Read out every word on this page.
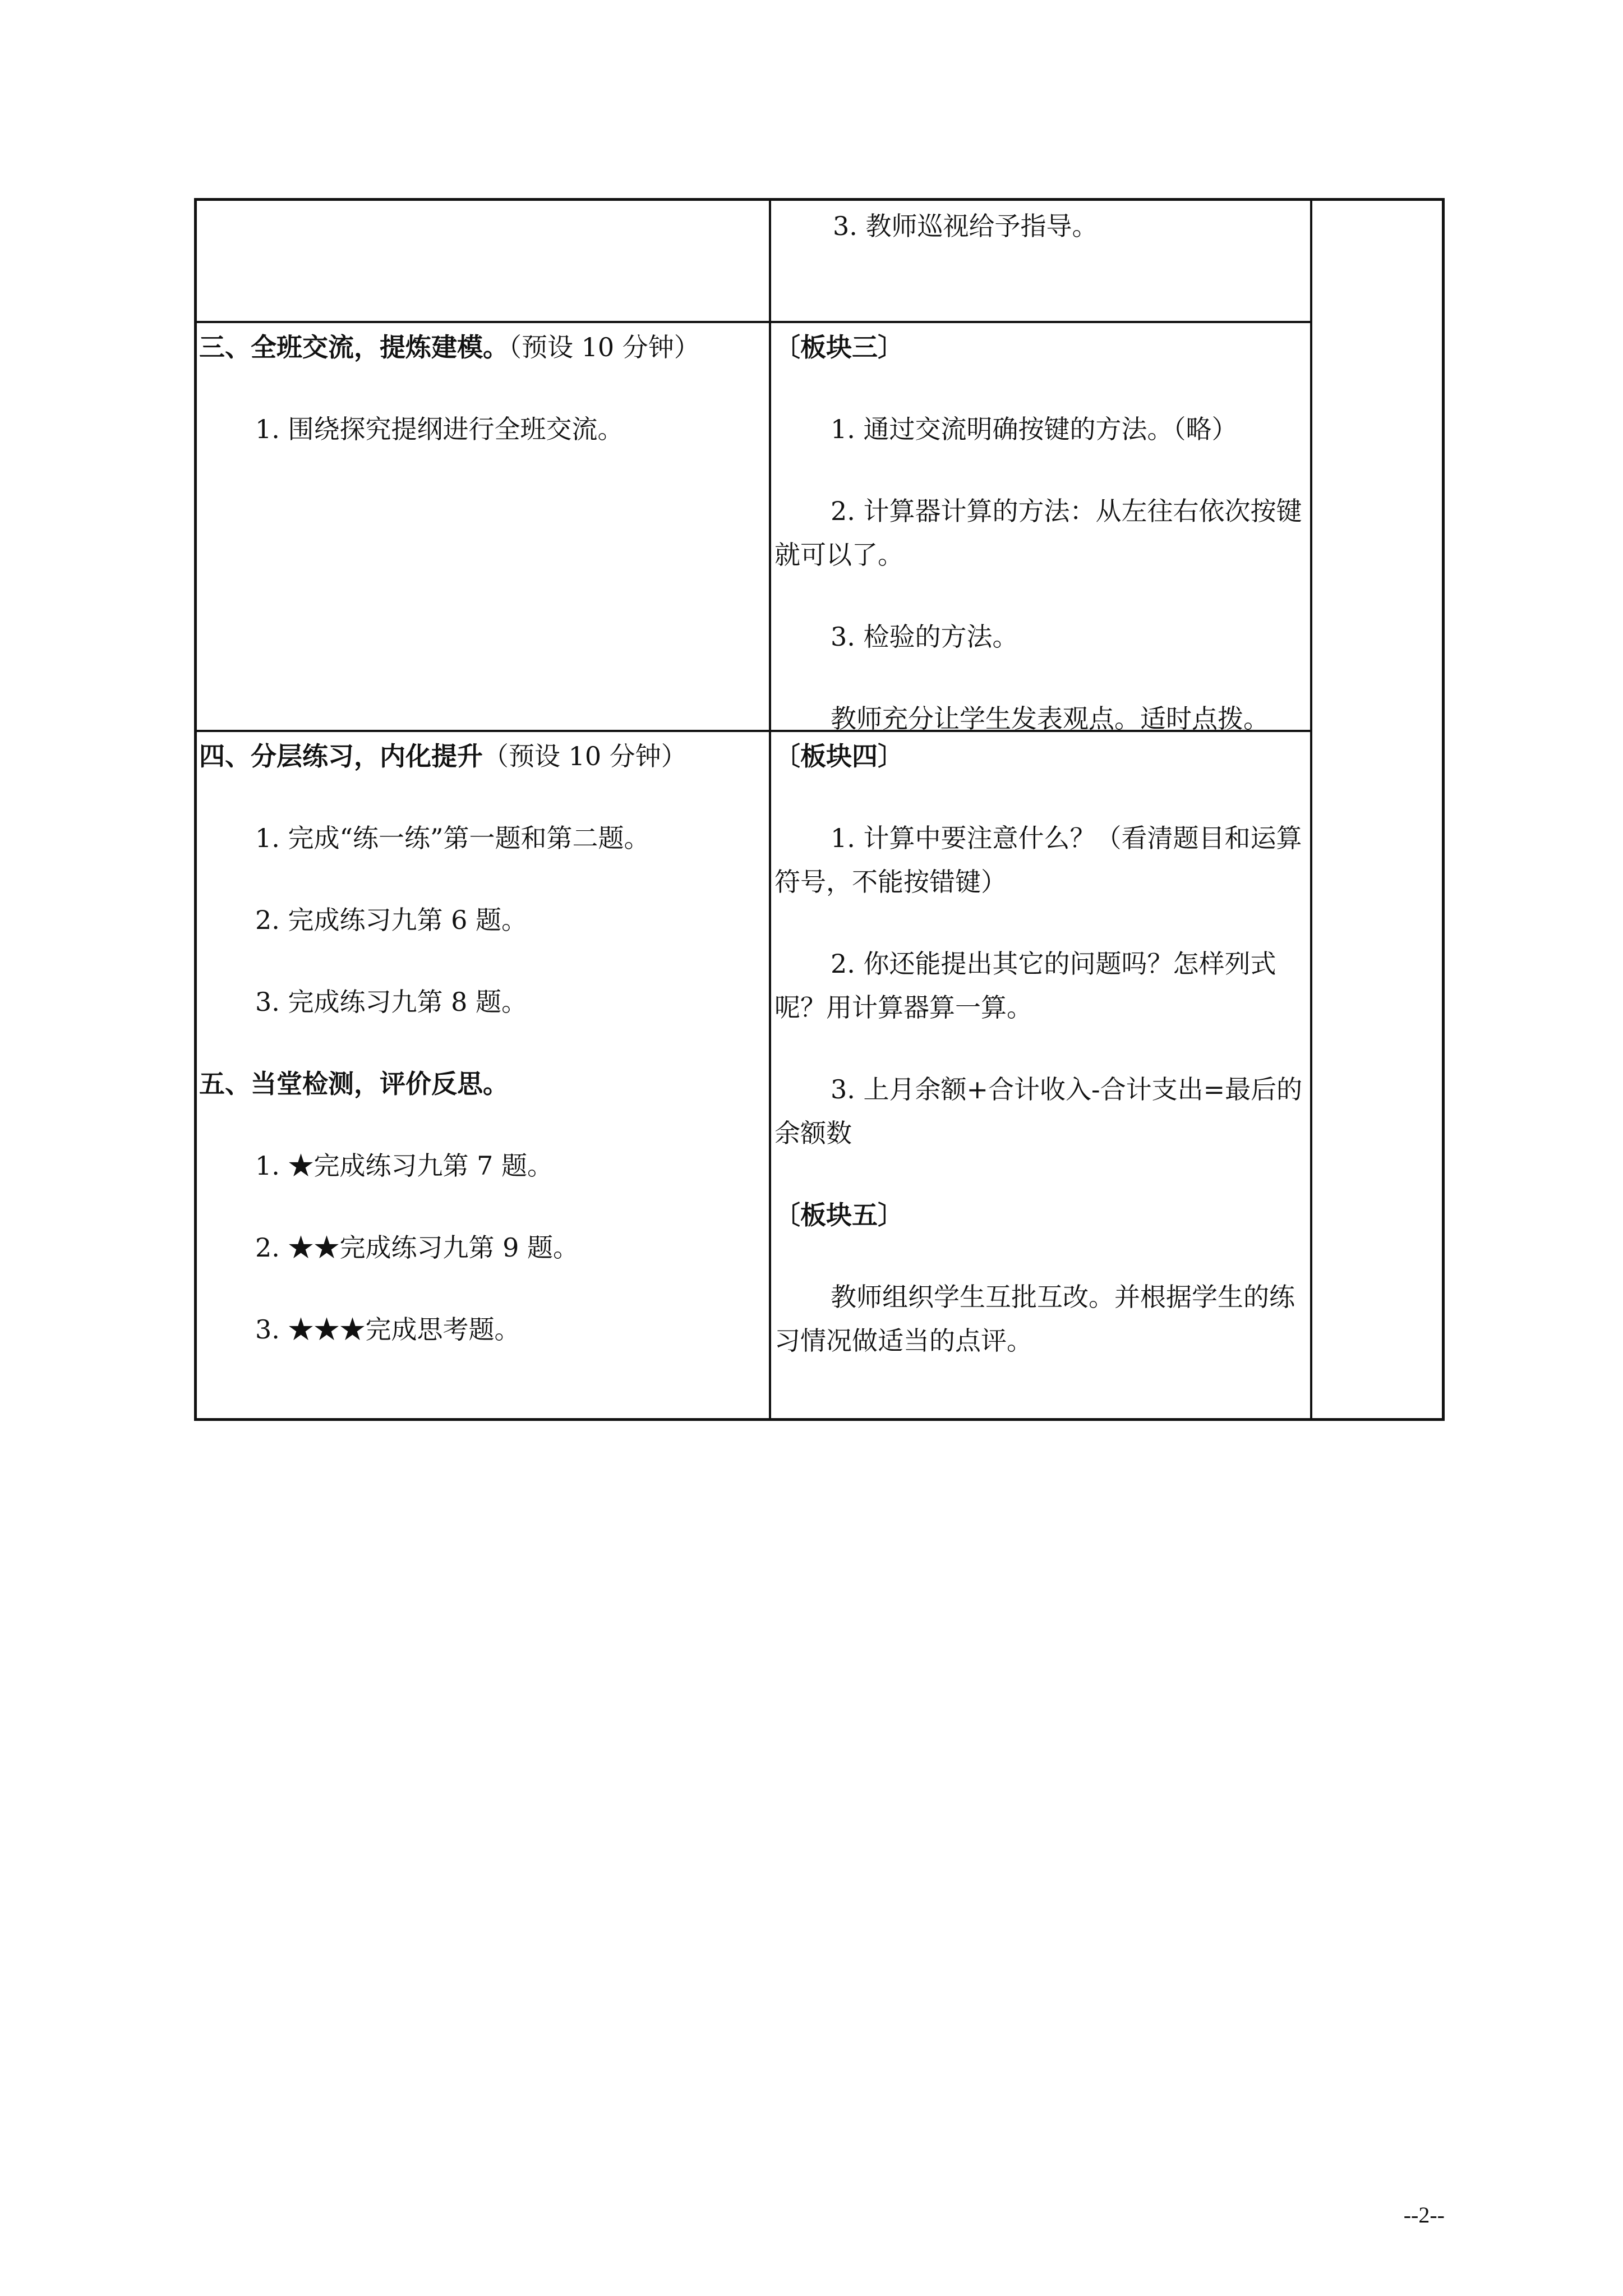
3. 教师巡视给予指导。

三、全班交流，提炼建模。（预设 10 分钟）

1. 围绕探究提纲进行全班交流。

〔板块三〕

1. 通过交流明确按键的方法。（略）

2. 计算器计算的方法：从左往右依次按键就可以了。

3. 检验的方法。

教师充分让学生发表观点。适时点拨。

四、分层练习，内化提升（预设 10 分钟）

1. 完成“练一练”第一题和第二题。

2. 完成练习九第 6 题。

3. 完成练习九第 8 题。

五、当堂检测，评价反思。

1. ★完成练习九第 7 题。

2. ★★完成练习九第 9 题。

3. ★★★完成思考题。

〔板块四〕

1. 计算中要注意什么？（看清题目和运算符号，不能按错键）

2. 你还能提出其它的问题吗？怎样列式呢？用计算器算一算。

3. 上月余额+合计收入-合计支出=最后的余额数

〔板块五〕

教师组织学生互批互改。并根据学生的练习情况做适当的点评。

--2--
